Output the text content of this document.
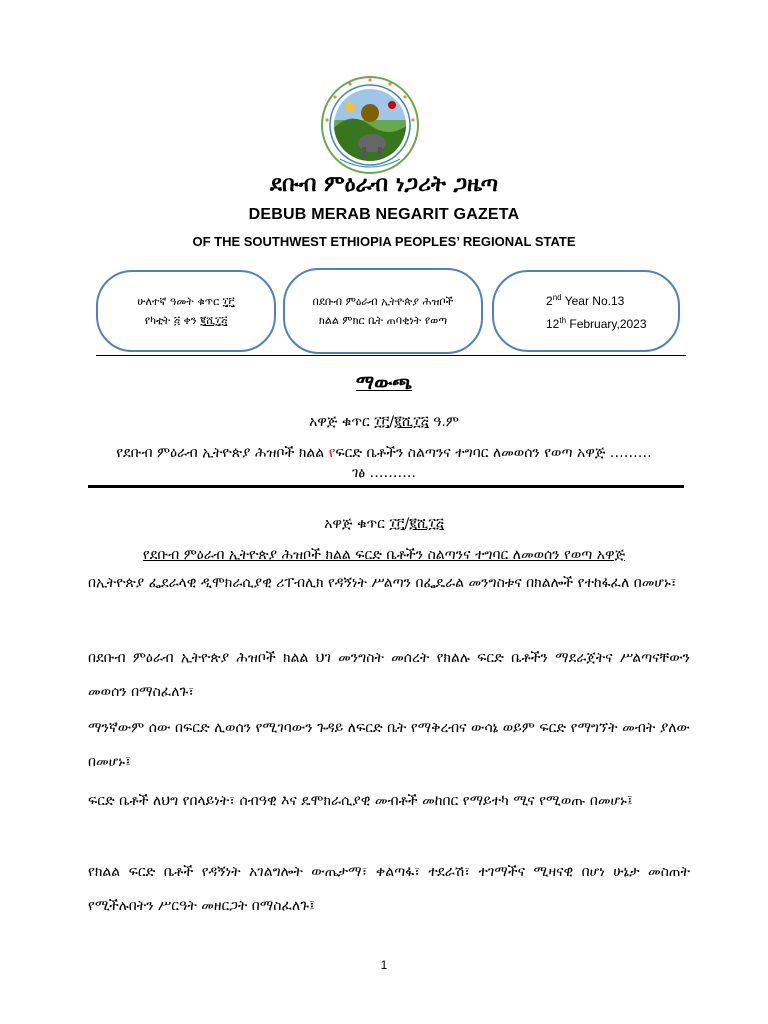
ደቡብ ምዕራብ ነጋሪት ጋዜጣ
DEBUB MERAB NEGARIT GAZETA
OF THE SOUTHWEST ETHIOPIA PEOPLES’ REGIONAL STATE
ሁለተኛ ዓመት ቁጥር ፲፫
የካቲት ፭ ቀን ፪ሺ፲፭
በደቡብ ምዕራብ ኢትዮጵያ ሕዝቦች
ክልል ምክር ቤት ጠባቂነት የወጣ
2nd Year No.13
12th February,2023
ማውጫ
አዋጅ ቁጥር ፲፫/፪ሺ፲፭ ዓ.ም
የደቡብ ምዕራብ ኢትዮጵያ ሕዝቦች ክልል የፍርድ ቤቶችን ስልጣንና ተግባር ለመወሰን የወጣ አዋጅ ………
ገፅ ……….
አዋጅ ቁጥር ፲፫/፪ሺ፲፭
የደቡብ ምዕራብ ኢትዮጵያ ሕዝቦች ክልል ፍርድ ቤቶችን ስልጣንና ተግባር ለመወሰን የወጣ አዋጅ
በኢትዮጵያ ፌደራላዊ ዲሞክራሲያዊ ሪፐብሊክ የዳኝነት ሥልጣን በፌዴራል መንግስቱና በክልሎች የተከፋፈለ በመሆኑ፣
በደቡብ ምዕራብ ኢትዮጵያ ሕዝቦች ክልል ህገ መንግስት መሰረት የክልሉ ፍርድ ቤቶችን ማደራጀትና ሥልጣናቸውን መወሰን በማስፈለጉ፣
ማንኛውም ሰው በፍርድ ሊወሰን የሚገባውን ጉዳይ ለፍርድ ቤት የማቅረብና ውሳኔ ወይም ፍርድ የማግኘት መብት ያለው በመሆኑ፤
ፍርድ ቤቶች ለህግ የበላይነት፣ ሰብዓዊ እና ዴሞክራሲያዊ መብቶች መከበር የማይተካ ሚና የሚወጡ በመሆኑ፤
የክልል ፍርድ ቤቶች የዳኝነት አገልግሎት ውጤታማ፣ ቀልጣፋ፣ ተደራሽ፣ ተገማችና ሚዛናዊ በሆነ ሁኔታ መስጠት የሚችሉበትን ሥርዓት መዘርጋት በማስፈለጉ፤
1
